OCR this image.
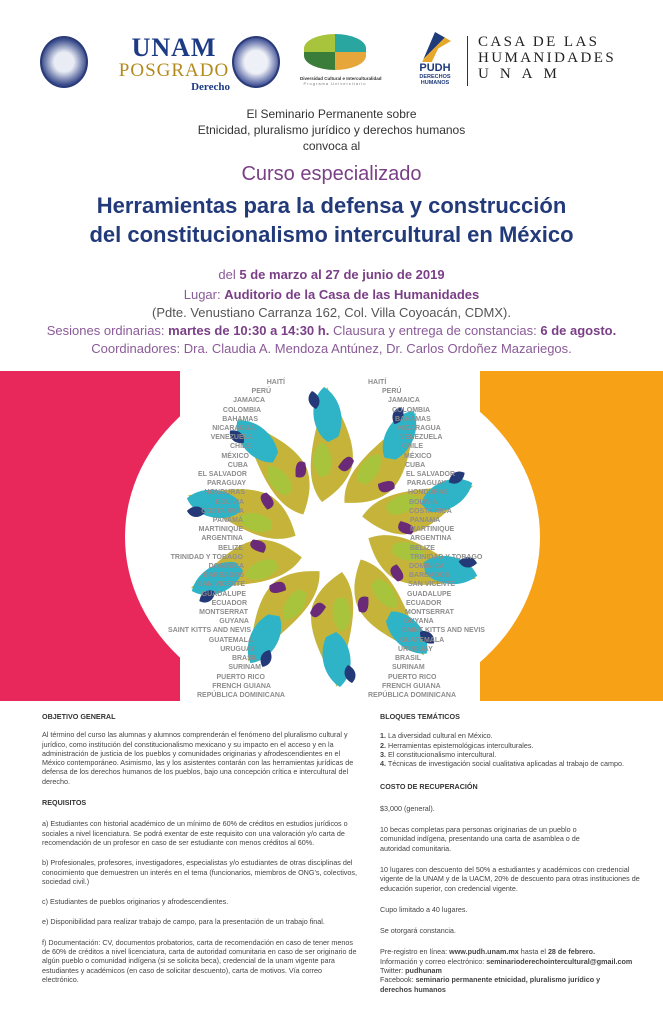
UNAM
POSGRADO
Derecho
Diversidad Cultural e Interculturalidad
Programa Universitario
PUDH
DERECHOS
HUMANOS
CASA DE LAS
HUMANIDADES
UNAM
El Seminario Permanente sobre
Etnicidad, pluralismo jurídico y derechos humanos
convoca al
Curso especializado
Herramientas para la defensa y construcción
del constitucionalismo intercultural en México
del 5 de marzo al 27 de junio de 2019
Lugar: Auditorio de la Casa de las Humanidades
(Pdte. Venustiano Carranza 162, Col. Villa Coyoacán, CDMX).
Sesiones ordinarias: martes de 10:30 a 14:30 h. Clausura y entrega de constancias: 6 de agosto.
Coordinadores: Dra. Claudia A. Mendoza Antúnez, Dr. Carlos Ordoñez Mazariegos.
HAITÍ
PERÚ
JAMAICA
COLOMBIA
BAHAMAS
NICARAGUA
VENEZUELA
CHILE
MÉXICO
CUBA
EL SALVADOR
PARAGUAY
HONDURAS
BOLIVIA
COSTA RICA
PANAMÁ
MARTINIQUE
ARGENTINA
BELIZE
TRINIDAD Y TOBAGO
DOMINICA
BARBADOS
SAN VICENTE
GUADALUPE
ECUADOR
MONTSERRAT
GUYANA
SAINT KITTS AND NEVIS
GUATEMALA
URUGUAY
BRASIL
SURINAM
PUERTO RICO
FRENCH GUIANA
REPÚBLICA DOMINICANA
HAITÍ
PERÚ
JAMAICA
COLOMBIA
BAHAMAS
NICARAGUA
VENEZUELA
CHILE
MÉXICO
CUBA
EL SALVADOR
PARAGUAY
HONDURAS
BOLIVIA
COSTA RICA
PANAMÁ
MARTINIQUE
ARGENTINA
BELIZE
TRINIDAD Y TOBAGO
DOMINICA
BARBADOS
SAN VICENTE
GUADALUPE
ECUADOR
MONTSERRAT
GUYANA
SAINT KITTS AND NEVIS
GUATEMALA
URUGUAY
BRASIL
SURINAM
PUERTO RICO
FRENCH GUIANA
REPÚBLICA DOMINICANA
OBJETIVO GENERAL
Al término del curso las alumnas y alumnos comprenderán el fenómeno del pluralismo cultural y jurídico, como institución del constitucionalismo mexicano y su impacto en el acceso y en la administración de justicia de los pueblos y comunidades originarias y afrodescendientes en el México contemporáneo. Asimismo, las y los asistentes contarán con las herramientas jurídicas de defensa de los derechos humanos de los pueblos, bajo una concepción crítica e intercultural del derecho.
REQUISITOS
a) Estudiantes con historial académico de un mínimo de 60% de créditos en estudios jurídicos o sociales a nivel licenciatura. Se podrá exentar de este requisito con una valoración y/o carta de recomendación de un profesor en caso de ser estudiante con menos créditos al 60%.
b) Profesionales, profesores, investigadores, especialistas y/o estudiantes de otras disciplinas del conocimiento que demuestren un interés en el tema (funcionarios, miembros de ONG's, colectivos, sociedad civil.)
c) Estudiantes de pueblos originarios y afrodescendientes.
e) Disponibilidad para realizar trabajo de campo, para la presentación de un trabajo final.
f) Documentación: CV, documentos probatorios, carta de recomendación en caso de tener menos de 60% de créditos a nivel licenciatura, carta de autoridad comunitaria en caso de ser originario de algún pueblo o comunidad indígena (si se solicita beca), credencial de la unam vigente para estudiantes y académicos (en caso de solicitar descuento), carta de motivos. Vía correo electrónico.
BLOQUES TEMÁTICOS
1. La diversidad cultural en México.
2. Herramientas epistemológicas interculturales.
3. El constitucionalismo intercultural.
4. Técnicas de investigación social cualitativa aplicadas al trabajo de campo.
COSTO DE RECUPERACIÓN
$3,000 (general).
10 becas completas para personas originarias de un pueblo o comunidad indígena, presentando una carta de asamblea o de autoridad comunitaria.
10 lugares con descuento del 50% a estudiantes y académicos con credencial vigente de la UNAM y de la UACM, 20% de descuento para otras instituciones de educación superior, con credencial vigente.
Cupo limitado a 40 lugares.
Se otorgará constancia.
Pre-registro en línea: www.pudh.unam.mx hasta el 28 de febrero.
Información y correo electrónico: seminarioderechointercultural@gmail.com
Twitter: pudhunam
Facebook: seminario permanente etnicidad, pluralismo jurídico y derechos humanos
